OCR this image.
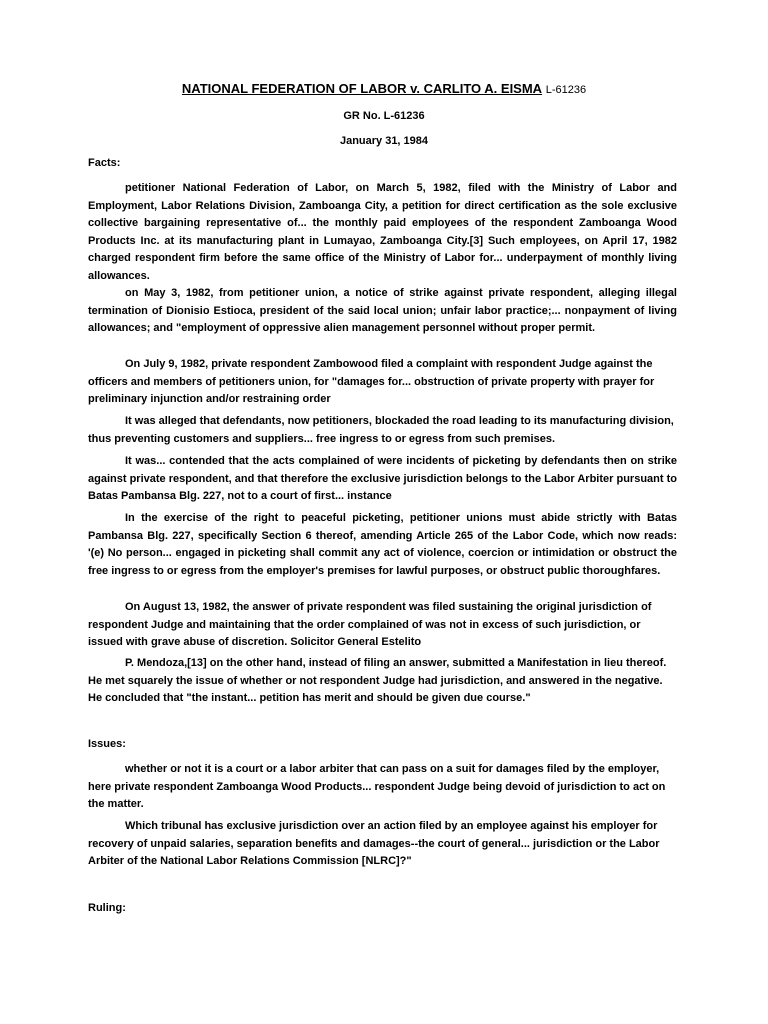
NATIONAL FEDERATION OF LABOR v. CARLITO A. EISMA L-61236
GR No. L-61236
January 31, 1984
Facts:

petitioner National Federation of Labor, on March 5, 1982, filed with the Ministry of Labor and Employment, Labor Relations Division, Zamboanga City, a petition for direct certification as the sole exclusive collective bargaining representative of... the monthly paid employees of the respondent Zamboanga Wood Products Inc. at its manufacturing plant in Lumayao, Zamboanga City.[3] Such employees, on April 17, 1982 charged respondent firm before the same office of the Ministry of Labor for... underpayment of monthly living allowances.

on May 3, 1982, from petitioner union, a notice of strike against private respondent, alleging illegal termination of Dionisio Estioca, president of the said local union; unfair labor practice;... nonpayment of living allowances; and "employment of oppressive alien management personnel without proper permit.

On July 9, 1982, private respondent Zambowood filed a complaint with respondent Judge against the officers and members of petitioners union, for "damages for... obstruction of private property with prayer for preliminary injunction and/or restraining order

It was alleged that defendants, now petitioners, blockaded the road leading to its manufacturing division, thus preventing customers and suppliers... free ingress to or egress from such premises.

It was... contended that the acts complained of were incidents of picketing by defendants then on strike against private respondent, and that therefore the exclusive jurisdiction belongs to the Labor Arbiter pursuant to Batas Pambansa Blg. 227, not to a court of first... instance

In the exercise of the right to peaceful picketing, petitioner unions must abide strictly with Batas Pambansa Blg. 227, specifically Section 6 thereof, amending Article 265 of the Labor Code, which now reads: '(e) No person... engaged in picketing shall commit any act of violence, coercion or intimidation or obstruct the free ingress to or egress from the employer's premises for lawful purposes, or obstruct public thoroughfares.

On August 13, 1982, the answer of private respondent was filed sustaining the original jurisdiction of respondent Judge and maintaining that the order complained of was not in excess of such jurisdiction, or issued with grave abuse of discretion. Solicitor General Estelito

P. Mendoza,[13] on the other hand, instead of filing an answer, submitted a Manifestation in lieu thereof. He met squarely the issue of whether or not respondent Judge had jurisdiction, and answered in the negative. He concluded that "the instant... petition has merit and should be given due course."

Issues:

whether or not it is a court or a labor arbiter that can pass on a suit for damages filed by the employer, here private respondent Zamboanga Wood Products... respondent Judge being devoid of jurisdiction to act on the matter.

Which tribunal has exclusive jurisdiction over an action filed by an employee against his employer for recovery of unpaid salaries, separation benefits and damages--the court of general... jurisdiction or the Labor Arbiter of the National Labor Relations Commission [NLRC]?"

Ruling:
